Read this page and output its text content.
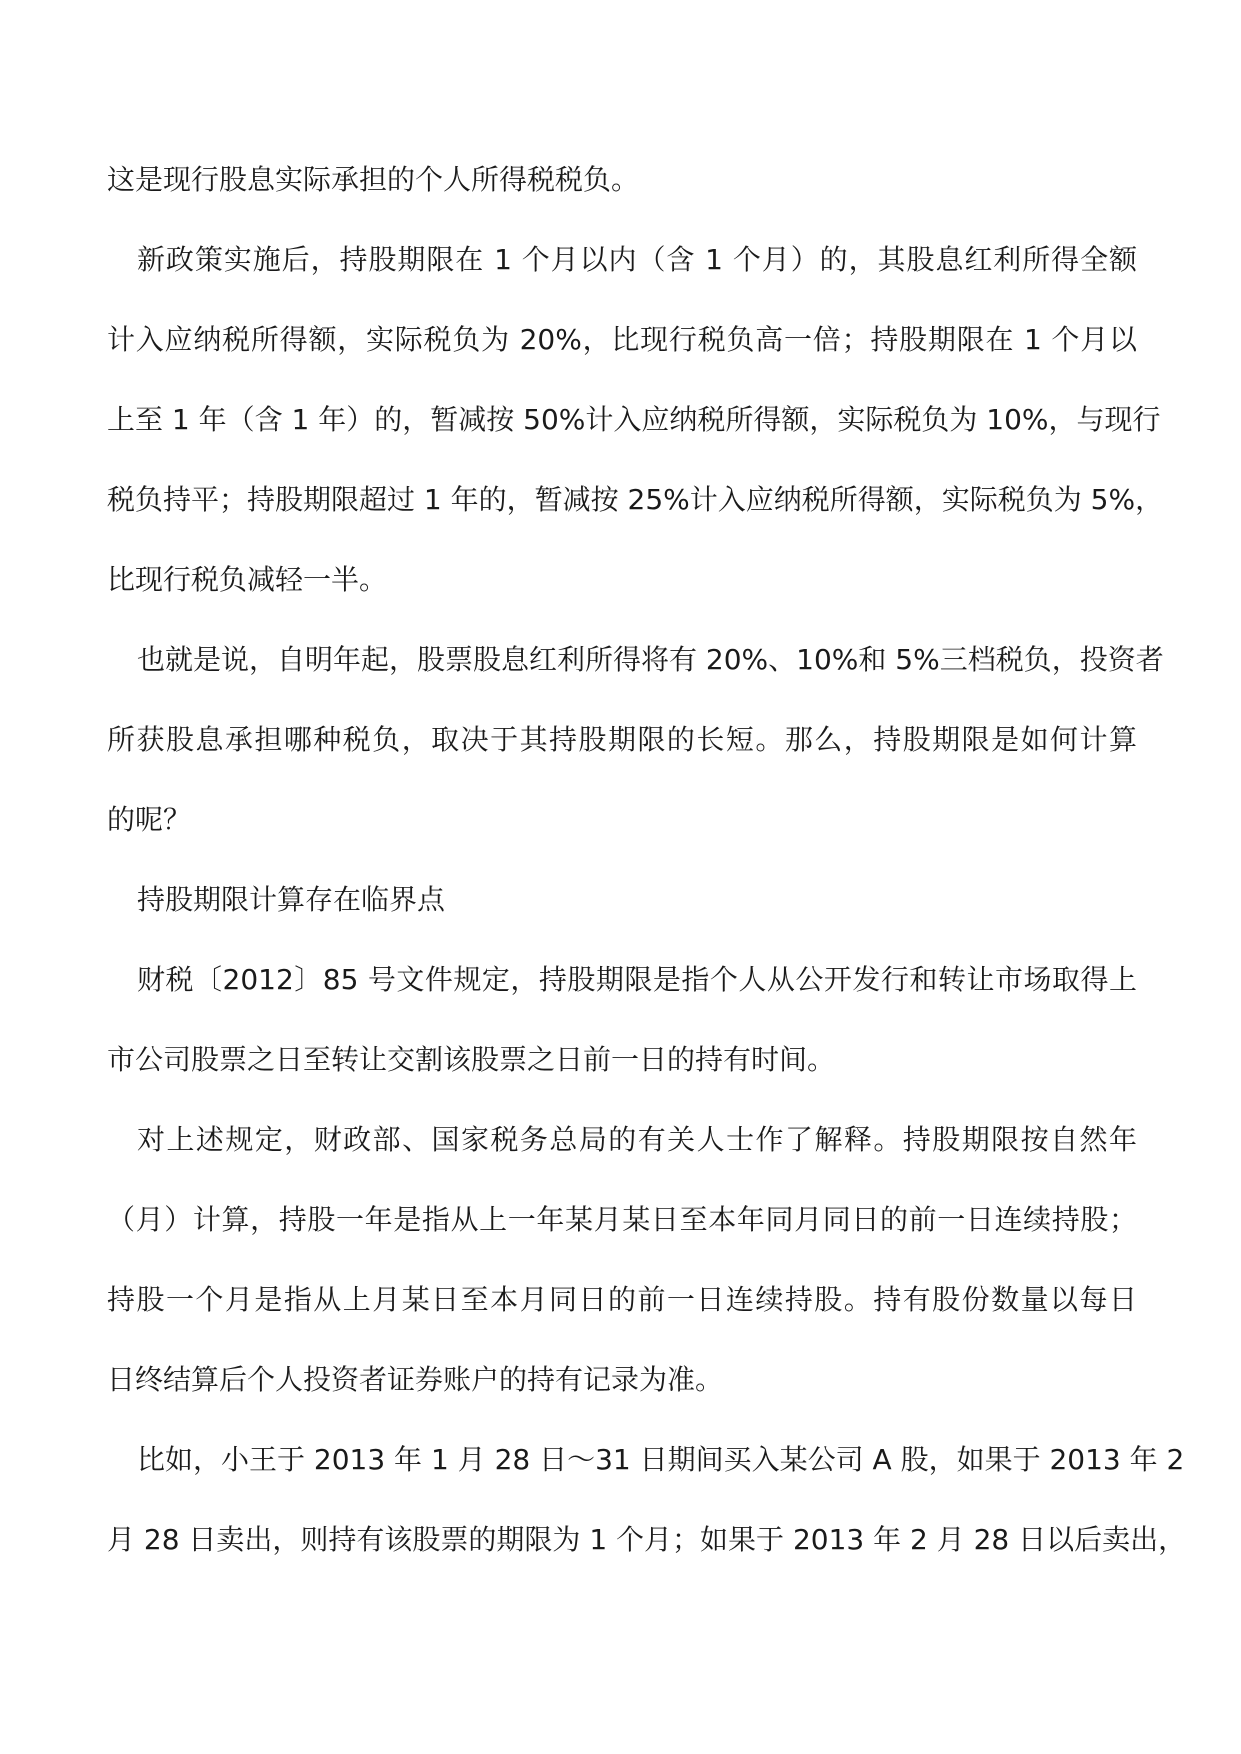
这是现行股息实际承担的个人所得税税负。
新政策实施后，持股期限在 1 个月以内（含 1 个月）的，其股息红利所得全额
计入应纳税所得额，实际税负为 20%，比现行税负高一倍；持股期限在 1 个月以
上至 1 年（含 1 年）的，暂减按 50%计入应纳税所得额，实际税负为 10%，与现行
税负持平；持股期限超过 1 年的，暂减按 25%计入应纳税所得额，实际税负为 5%，
比现行税负减轻一半。
也就是说，自明年起，股票股息红利所得将有 20%、10%和 5%三档税负，投资者
所获股息承担哪种税负，取决于其持股期限的长短。那么，持股期限是如何计算
的呢？
持股期限计算存在临界点
财税〔2012〕85 号文件规定，持股期限是指个人从公开发行和转让市场取得上
市公司股票之日至转让交割该股票之日前一日的持有时间。
对上述规定，财政部、国家税务总局的有关人士作了解释。持股期限按自然年
（月）计算，持股一年是指从上一年某月某日至本年同月同日的前一日连续持股；
持股一个月是指从上月某日至本月同日的前一日连续持股。持有股份数量以每日
日终结算后个人投资者证券账户的持有记录为准。
比如，小王于 2013 年 1 月 28 日～31 日期间买入某公司 A 股，如果于 2013 年 2
月 28 日卖出，则持有该股票的期限为 1 个月；如果于 2013 年 2 月 28 日以后卖出，
